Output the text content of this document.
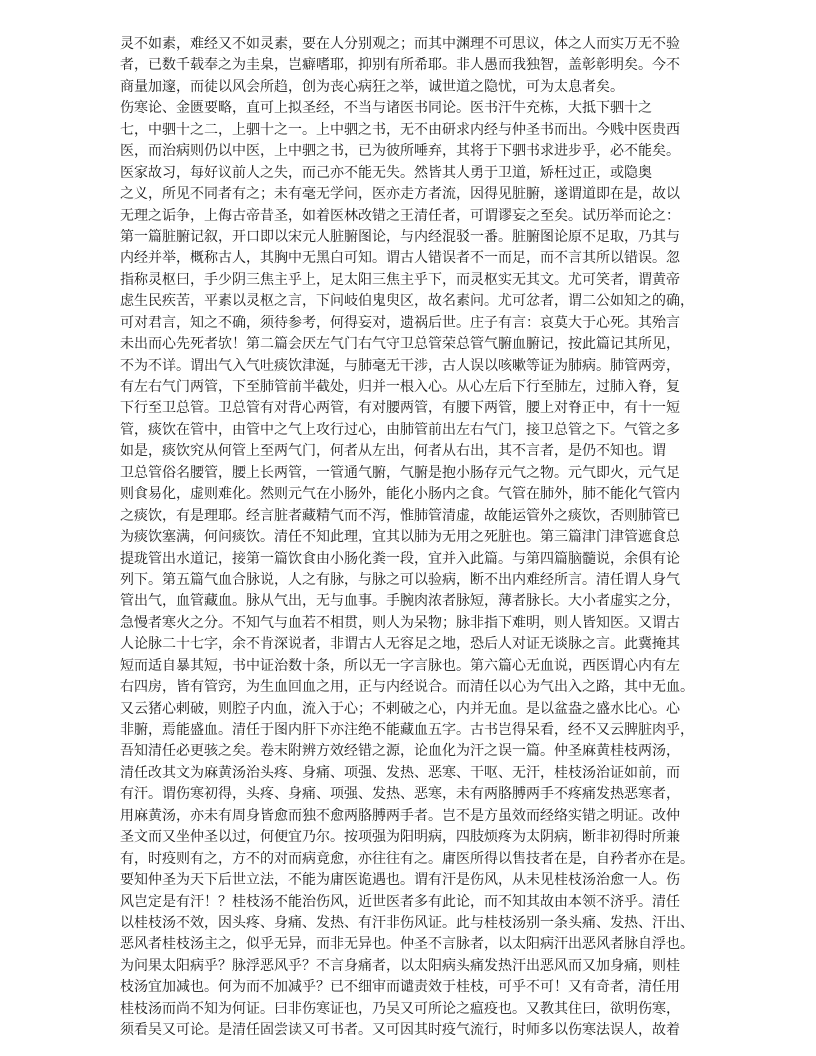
灵不如素，难经又不如灵素，要在人分别观之；而其中渊理不可思议，体之人而实万无不验
者，已数千载奉之为圭臬，岂癖嗜耶，抑别有所希耶。非人愚而我独智，盖彰彰明矣。今不
商量加邃，而徒以风会所趋，创为丧心病狂之举，诚世道之隐忧，可为太息者矣。
伤寒论、金匮要略，直可上拟圣经，不当与诸医书同论。医书汗牛充栋，大抵下驷十之
七，中驷十之二，上驷十之一。上中驷之书，无不由研求内经与仲圣书而出。今贱中医贵西
医，而治病则仍以中医，上中驷之书，已为彼所唾弃，其将于下驷书求进步乎，必不能矣。
医家故习，每好议前人之失，而己亦不能无失。然皆其人勇于卫道，矫枉过正，或隐奥
之义，所见不同者有之；未有毫无学问，医亦走方者流，因得见脏腑，遂谓道即在是，故以
无理之诟争，上侮古帝昔圣，如着医林改错之王清任者，可谓谬妄之至矣。试历举而论之：
第一篇脏腑记叙，开口即以宋元人脏腑图论，与内经混驳一番。脏腑图论原不足取，乃其与
内经并举，概称古人，其胸中无黑白可知。谓古人错误者不一而足，而不言其所以错误。忽
指称灵枢曰，手少阴三焦主乎上，足太阳三焦主乎下，而灵枢实无其文。尤可笑者，谓黄帝
虑生民疾苦，平素以灵枢之言，下问岐伯鬼臾区，故名素问。尤可忿者，谓二公如知之的确，
可对君言，知之不确，须待参考，何得妄对，遗祸后世。庄子有言：哀莫大于心死。其殆言
未出而心先死者欤！第二篇会厌左气门右气守卫总管荣总管气腑血腑记，按此篇记其所见，
不为不详。谓出气入气吐痰饮津涎，与肺毫无干涉，古人误以咳嗽等证为肺病。肺管两旁，
有左右气门两管，下至肺管前半截处，归并一根入心。从心左后下行至肺左，过肺入脊，复
下行至卫总管。卫总管有对背心两管，有对腰两管，有腰下两管，腰上对脊正中，有十一短
管，痰饮在管中，由管中之气上攻行过心，由肺管前出左右气门，接卫总管之下。气管之多
如是，痰饮究从何管上至两气门，何者从左出，何者从右出，其不言者，是仍不知也。谓
卫总管俗名腰管，腰上长两管，一管通气腑，气腑是抱小肠存元气之物。元气即火，元气足
则食易化，虚则难化。然则元气在小肠外，能化小肠内之食。气管在肺外，肺不能化气管内
之痰饮，有是理耶。经言脏者藏精气而不泻，惟肺管清虚，故能运管外之痰饮，否则肺管已
为痰饮塞满，何问痰饮。清任不知此理，宜其以肺为无用之死脏也。第三篇津门津管遮食总
提珑管出水道记，接第一篇饮食由小肠化粪一段，宜并入此篇。与第四篇脑髓说，余俱有论
列下。第五篇气血合脉说，人之有脉，与脉之可以验病，断不出内难经所言。清任谓人身气
管出气，血管藏血。脉从气出，无与血事。手腕肉浓者脉短，薄者脉长。大小者虚实之分，
急慢者寒火之分。不知气与血若不相贯，则人为呆物；脉非指下难明，则人皆知医。又谓古
人论脉二十七字，余不肯深说者，非谓古人无容足之地，恐后人对证无谈脉之言。此冀掩其
短而适自暴其短，书中证治数十条，所以无一字言脉也。第六篇心无血说，西医谓心内有左
右四房，皆有管窍，为生血回血之用，正与内经说合。而清任以心为气出入之路，其中无血。
又云猪心剌破，则腔子内血，流入于心；不剌破之心，内并无血。是以盆盎之盛水比心。心
非腑，焉能盛血。清任于图内肝下亦注绝不能藏血五字。古书岂得呆看，经不又云脾脏肉乎，
吾知清任必更骇之矣。卷末附辨方效经错之源，论血化为汗之误一篇。仲圣麻黄桂枝两汤，
清任改其文为麻黄汤治头疼、身痛、项强、发热、恶寒、干呕、无汗，桂枝汤治证如前，而
有汗。谓伤寒初得，头疼、身痛、项强、发热、恶寒，未有两胳膊两手不疼痛发热恶寒者，
用麻黄汤，亦未有周身皆愈而独不愈两胳膊两手者。岂不是方虽效而经络实错之明证。改仲
圣文而又坐仲圣以过，何便宜乃尔。按项强为阳明病，四肢烦疼为太阴病，断非初得时所兼
有，时疫则有之，方不的对而病竟愈，亦往往有之。庸医所得以售技者在是，自矜者亦在是。
要知仲圣为天下后世立法，不能为庸医诡遇也。谓有汗是伤风，从未见桂枝汤治愈一人。伤
风岂定是有汗！？桂枝汤不能治伤风，近世医者多有此论，而不知其故由本领不济乎。清任
以桂枝汤不效，因头疼、身痛、发热、有汗非伤风证。此与桂枝汤别一条头痛、发热、汗出、
恶风者桂枝汤主之，似乎无异，而非无异也。仲圣不言脉者，以太阳病汗出恶风者脉自浮也。
为问果太阳病乎？脉浮恶风乎？不言身痛者，以太阳病头痛发热汗出恶风而又加身痛，则桂
枝汤宜加减也。何为而不加减乎？已不细审而谴责效于桂枝，可乎不可！又有奇者，清任用
桂枝汤而尚不知为何证。曰非伤寒证也，乃吴又可所论之瘟疫也。又教其住曰，欲明伤寒，
须看吴又可论。是清任固尝读又可书者。又可因其时疫气流行，时师多以伤寒法误人，故着
